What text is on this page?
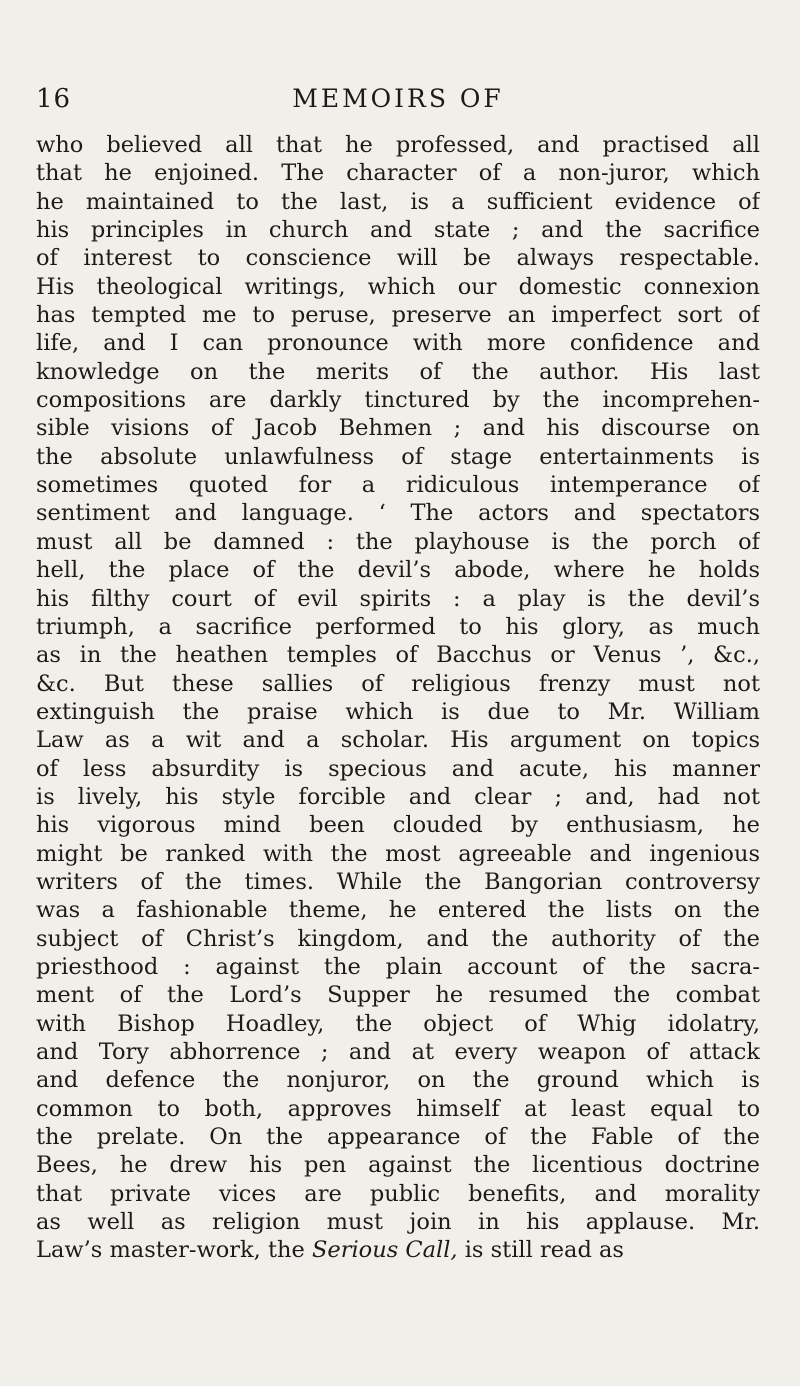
16	MEMOIRS OF
who believed all that he professed, and practised all
that he enjoined. The character of a non-juror, which
he maintained to the last, is a sufficient evidence of
his principles in church and state ; and the sacrifice
of interest to conscience will be always respectable.
His theological writings, which our domestic connexion
has tempted me to peruse, preserve an imperfect sort of
life, and I can pronounce with more confidence and
knowledge on the merits of the author. His last
compositions are darkly tinctured by the incomprehen-
sible visions of Jacob Behmen ; and his discourse on
the absolute unlawfulness of stage entertainments is
sometimes quoted for a ridiculous intemperance of
sentiment and language. ‘ The actors and spectators
must all be damned : the playhouse is the porch of
hell, the place of the devil’s abode, where he holds
his filthy court of evil spirits : a play is the devil’s
triumph, a sacrifice performed to his glory, as much
as in the heathen temples of Bacchus or Venus ’, &c.,
&c. But these sallies of religious frenzy must not
extinguish the praise which is due to Mr. William
Law as a wit and a scholar. His argument on topics
of less absurdity is specious and acute, his manner
is lively, his style forcible and clear ; and, had not
his vigorous mind been clouded by enthusiasm, he
might be ranked with the most agreeable and ingenious
writers of the times. While the Bangorian controversy
was a fashionable theme, he entered the lists on the
subject of Christ’s kingdom, and the authority of the
priesthood : against the plain account of the sacra-
ment of the Lord’s Supper he resumed the combat
with Bishop Hoadley, the object of Whig idolatry,
and Tory abhorrence ; and at every weapon of attack
and defence the nonjuror, on the ground which is
common to both, approves himself at least equal to
the prelate. On the appearance of the Fable of the
Bees, he drew his pen against the licentious doctrine
that private vices are public benefits, and morality
as well as religion must join in his applause. Mr.
Law’s master-work, the Serious Call, is still read as
